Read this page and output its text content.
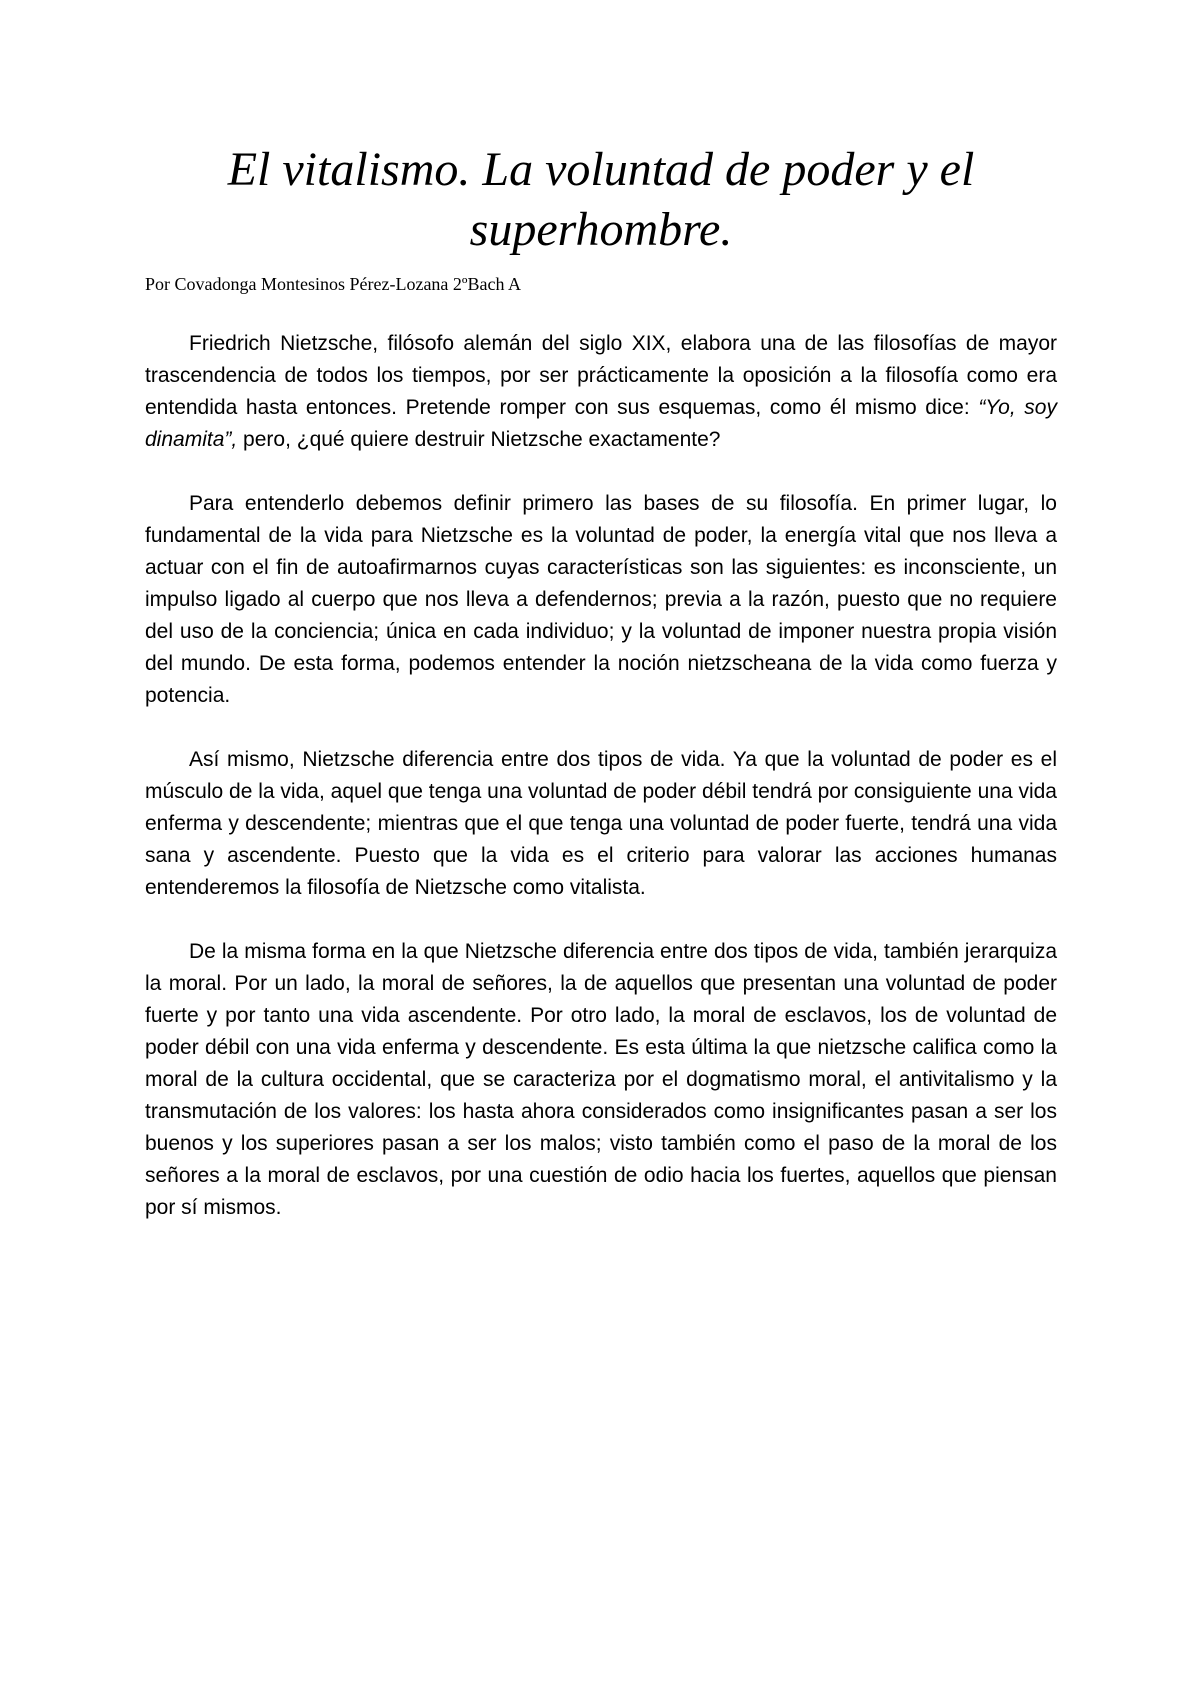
El vitalismo. La voluntad de poder y el superhombre.

Por Covadonga Montesinos Pérez-Lozana 2ºBach A

Friedrich Nietzsche, filósofo alemán del siglo XIX, elabora una de las filosofías de mayor trascendencia de todos los tiempos, por ser prácticamente la oposición a la filosofía como era entendida hasta entonces. Pretende romper con sus esquemas, como él mismo dice: “Yo, soy dinamita”, pero, ¿qué quiere destruir Nietzsche exactamente?

Para entenderlo debemos definir primero las bases de su filosofía. En primer lugar, lo fundamental de la vida para Nietzsche es la voluntad de poder, la energía vital que nos lleva a actuar con el fin de autoafirmarnos cuyas características son las siguientes: es inconsciente, un impulso ligado al cuerpo que nos lleva a defendernos; previa a la razón, puesto que no requiere del uso de la conciencia; única en cada individuo; y la voluntad de imponer nuestra propia visión del mundo. De esta forma, podemos entender la noción nietzscheana de la vida como fuerza y potencia.

Así mismo, Nietzsche diferencia entre dos tipos de vida. Ya que la voluntad de poder es el músculo de la vida, aquel que tenga una voluntad de poder débil tendrá por consiguiente una vida enferma y descendente; mientras que el que tenga una voluntad de poder fuerte, tendrá una vida sana y ascendente. Puesto que la vida es el criterio para valorar las acciones humanas entenderemos la filosofía de Nietzsche como vitalista.

De la misma forma en la que Nietzsche diferencia entre dos tipos de vida, también jerarquiza la moral. Por un lado, la moral de señores, la de aquellos que presentan una voluntad de poder fuerte y por tanto una vida ascendente. Por otro lado, la moral de esclavos, los de voluntad de poder débil con una vida enferma y descendente. Es esta última la que nietzsche califica como la moral de la cultura occidental, que se caracteriza por el dogmatismo moral, el antivitalismo y la transmutación de los valores: los hasta ahora considerados como insignificantes pasan a ser los buenos y los superiores pasan a ser los malos; visto también como el paso de la moral de los señores a la moral de esclavos, por una cuestión de odio hacia los fuertes, aquellos que piensan por sí mismos.
